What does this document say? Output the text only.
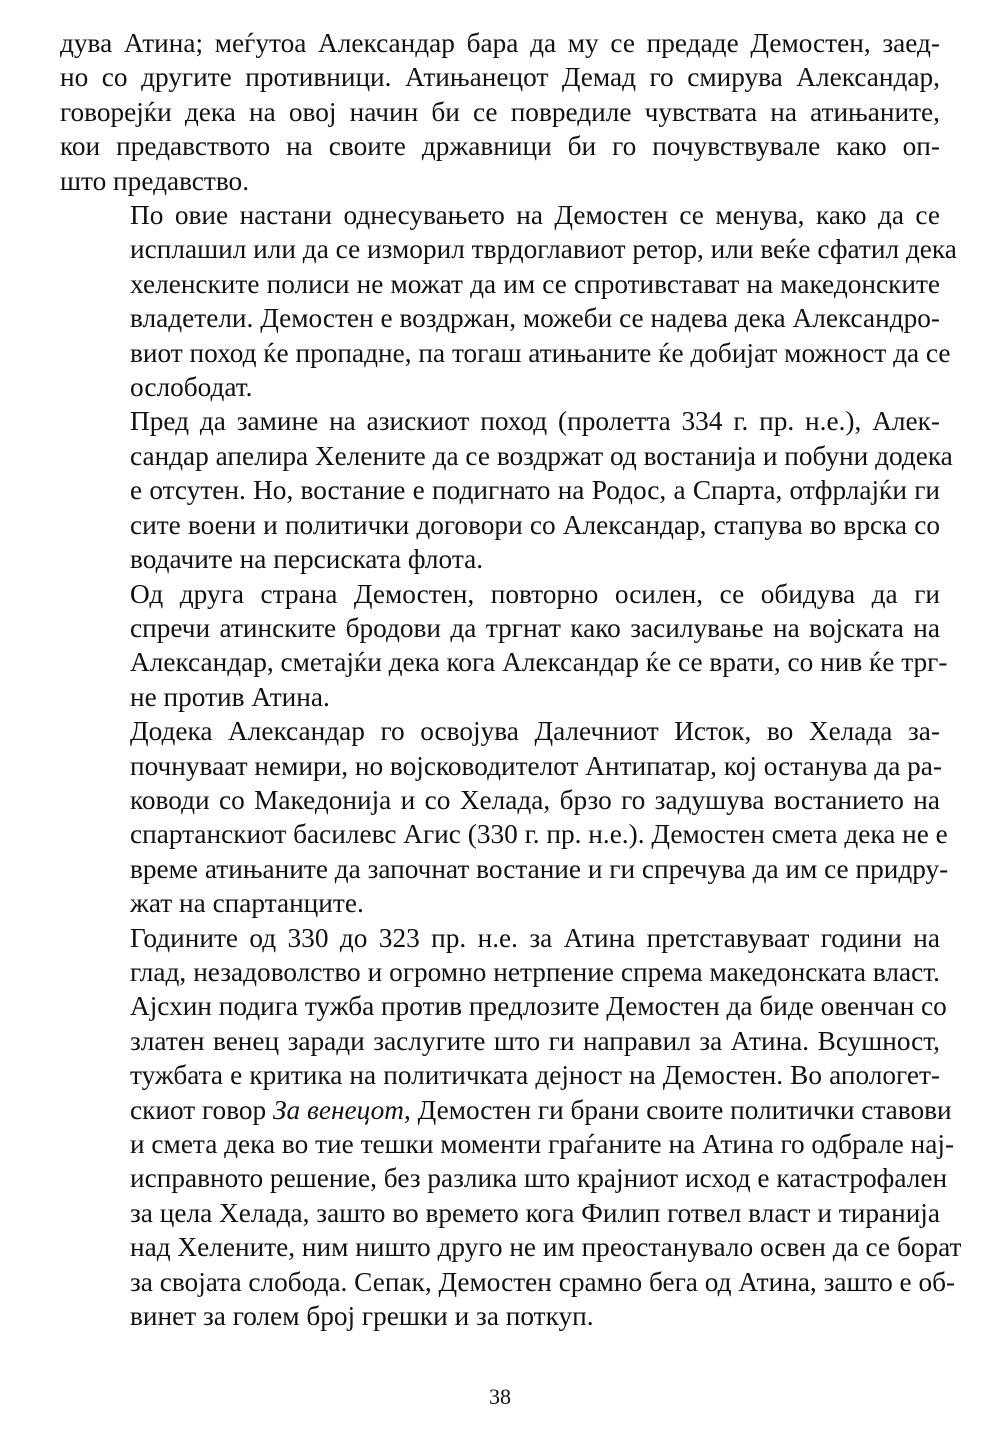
дува Атина; меѓутоа Александар бара да му се предаде Демостен, заед-
но со другите противници. Атињанецот Демад го смирува Александар,
говорејќи дека на овој начин би се повредиле чувствата на атињаните,
кои предавството на своите државници би го почувствувале како оп-
што предавство.

По овие настани однесувањето на Демостен се менува, како да се
исплашил или да се изморил тврдоглавиот ретор, или веќе сфатил дека
хеленските полиси не можат да им се спротивстават на македонските
владетели. Демостен е воздржан, можеби се надева дека Александро-
виот поход ќе пропадне, па тогаш атињаните ќе добијат можност да се
ослободат.

Пред да замине на азискиот поход (пролетта 334 г. пр. н.е.), Алек-
сандар апелира Хелените да се воздржат од востанија и побуни додека
е отсутен. Но, востание е подигнато на Родос, а Спарта, отфрлајќи ги
сите воени и политички договори со Александар, стапува во врска со
водачите на персиската флота.

Од друга страна Демостен, повторно осилен, се обидува да ги
спречи атинските бродови да тргнат како засилување на војската на
Александар, сметајќи дека кога Александар ќе се врати, со нив ќе трг-
не против Атина.

Додека Александар го освојува Далечниот Исток, во Хелада за-
почнуваат немири, но војсководителот Антипатар, кој останува да ра-
ководи со Македонија и со Хелада, брзо го задушува востанието на
спартанскиот басилевс Агис (330 г. пр. н.е.). Демостен смета дека не е
време атињаните да започнат востание и ги спречува да им се придру-
жат на спартанците.

Годините од 330 до 323 пр. н.е. за Атина претставуваат години на
глад, незадоволство и огромно нетрпение спрема македонската власт.
Ајсхин подига тужба против предлозите Демостен да биде овенчан со
златен венец заради заслугите што ги направил за Атина. Всушност,
тужбата е критика на политичката дејност на Демостен. Во апологет-
скиот говор За венецот, Демостен ги брани своите политички ставови
и смета дека во тие тешки моменти граѓаните на Атина го одбрале нај-
исправното решение, без разлика што крајниот исход е катастрофален
за цела Хелада, зашто во времето кога Филип готвел власт и тиранија
над Хелените, ним ништо друго не им преостанувало освен да се борат
за својата слобода. Сепак, Демостен срамно бега од Атина, зашто е об-
винет за голем број грешки и за поткуп.

38
